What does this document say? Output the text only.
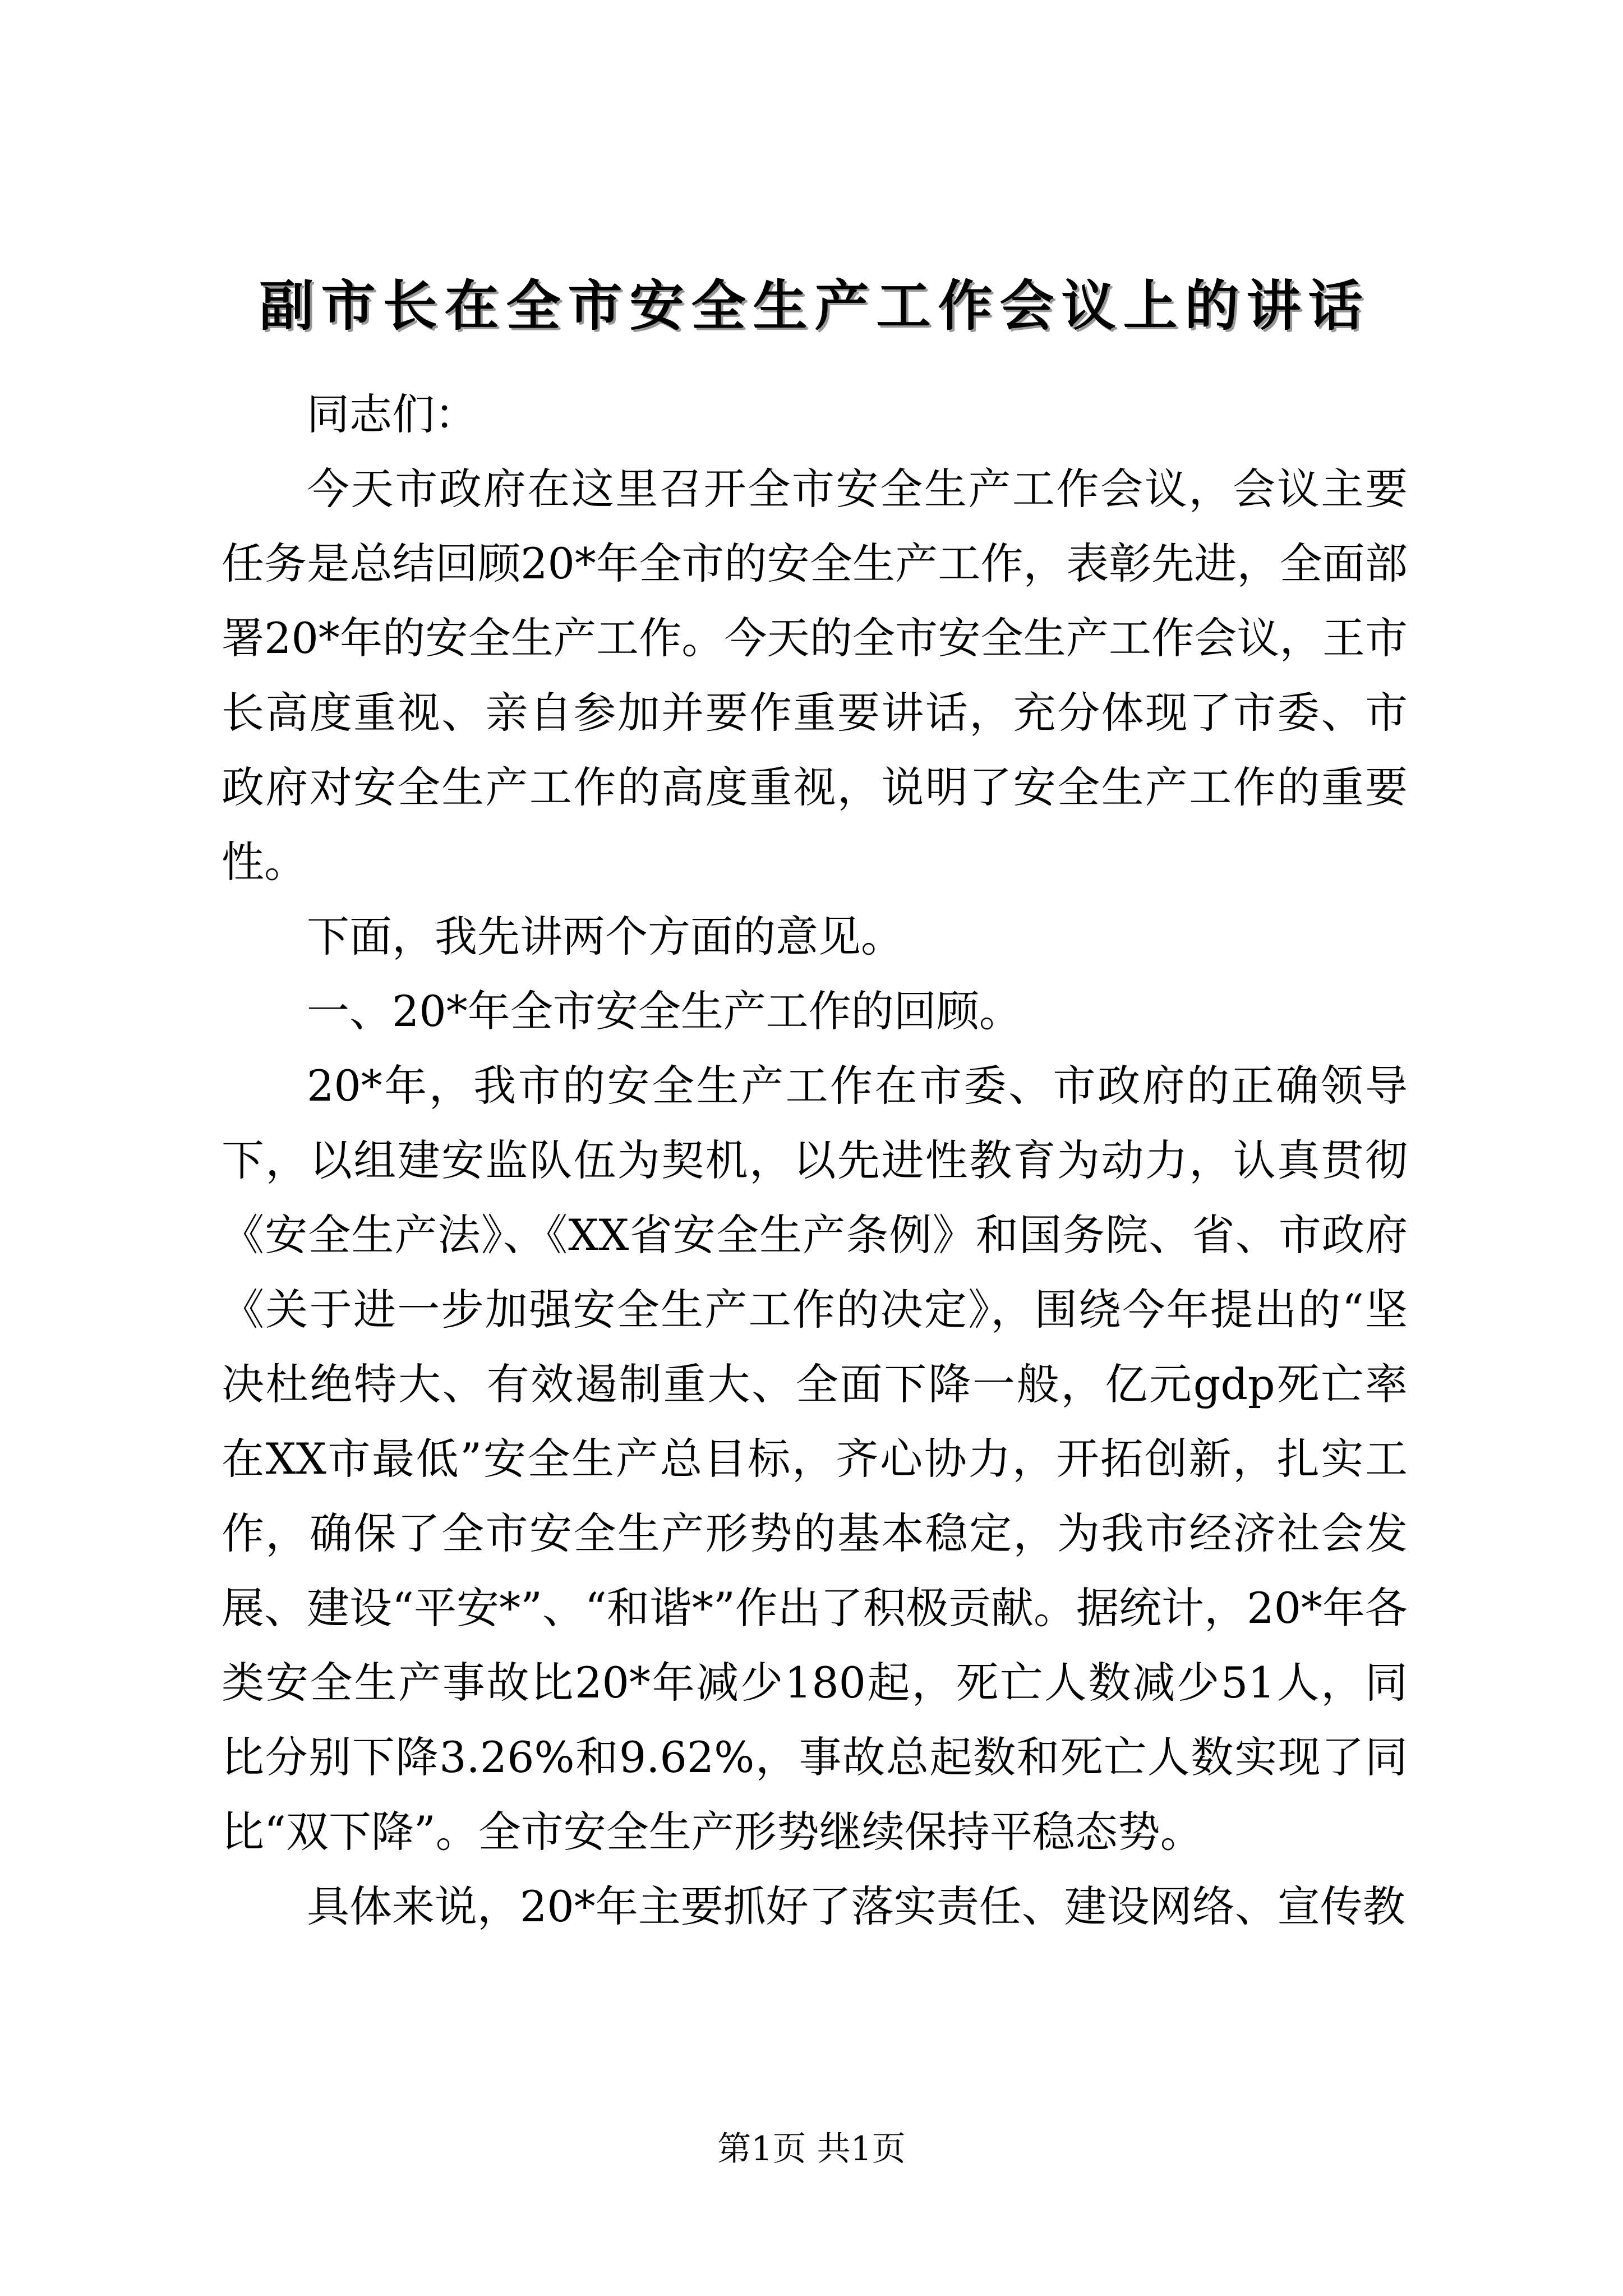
副市长在全市安全生产工作会议上的讲话

同志们：

今天市政府在这里召开全市安全生产工作会议，会议主要任务是总结回顾20*年全市的安全生产工作，表彰先进，全面部署20*年的安全生产工作。今天的全市安全生产工作会议，王市长高度重视、亲自参加并要作重要讲话，充分体现了市委、市政府对安全生产工作的高度重视，说明了安全生产工作的重要性。

下面，我先讲两个方面的意见。

一、20*年全市安全生产工作的回顾。

20*年，我市的安全生产工作在市委、市政府的正确领导下，以组建安监队伍为契机，以先进性教育为动力，认真贯彻《安全生产法》、《XX省安全生产条例》和国务院、省、市政府《关于进一步加强安全生产工作的决定》，围绕今年提出的“坚决杜绝特大、有效遏制重大、全面下降一般，亿元gdp死亡率在XX市最低”安全生产总目标，齐心协力，开拓创新，扎实工作，确保了全市安全生产形势的基本稳定，为我市经济社会发展、建设“平安*”、“和谐*”作出了积极贡献。据统计，20*年各类安全生产事故比20*年减少180起，死亡人数减少51人，同比分别下降3.26%和9.62%，事故总起数和死亡人数实现了同比“双下降”。全市安全生产形势继续保持平稳态势。

具体来说，20*年主要抓好了落实责任、建设网络、宣传教

第1页 共1页
